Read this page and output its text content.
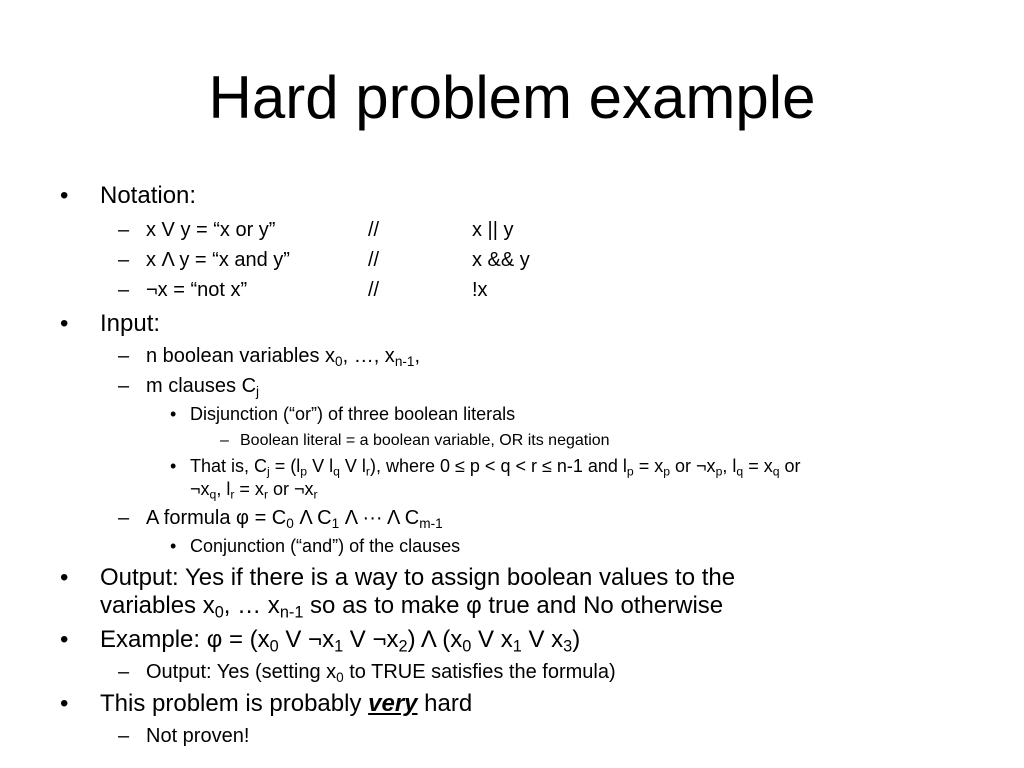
Hard problem example
• Notation:
– x V y = “x or y”	//	x || y
– x Λ y = “x and y”	//	x && y
– ¬x = “not x”	//	!x
• Input:
– n boolean variables $x_0$, …, $x_{n-1}$,
– m clauses $C_j$
• Disjunction (“or”) of three boolean literals
– Boolean literal = a boolean variable, OR its negation
• That is, $C_j = (l_p$ V $l_q$ V $l_r$), where 0 ≤ p < q < r ≤ n-1 and $l_p = x_p$ or $\neg x_p$, $l_q = x_q$ or
$\neg x_q$, $l_r = x_r$ or $\neg x_r$
– A formula $\varphi = C_0$ Λ $C_1$ Λ ··· Λ $C_{m-1}$
• Conjunction (“and”) of the clauses
• Output: Yes if there is a way to assign boolean values to the
variables $x_0$, … $x_{n-1}$ so as to make φ true and No otherwise
• Example: $\varphi = (x_0$ V $\neg x_1$ V $\neg x_2$) Λ ($x_0$ V $x_1$ V $x_3$)
– Output: Yes (setting $x_0$ to TRUE satisfies the formula)
• This problem is probably very hard
– Not proven!
